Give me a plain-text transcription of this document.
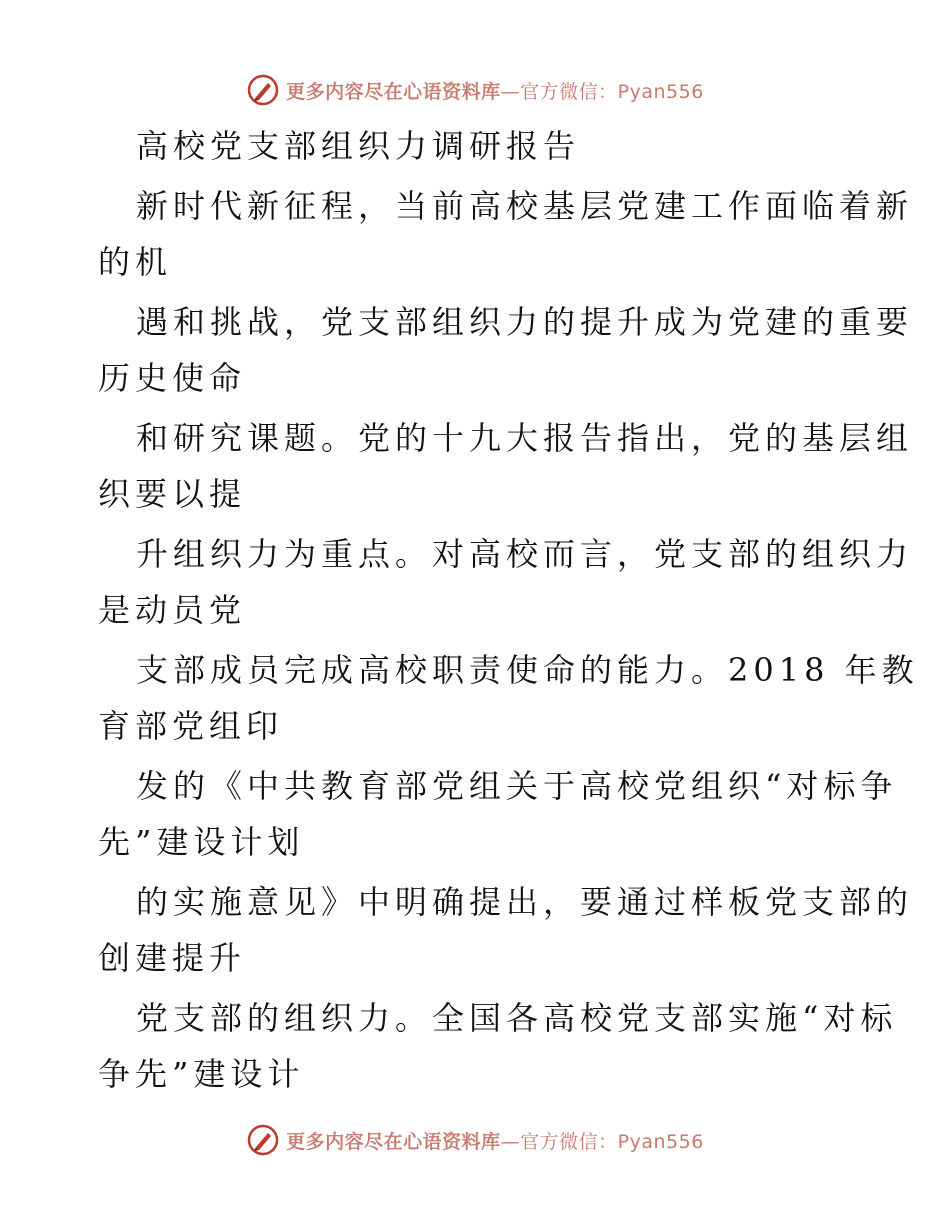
更多内容尽在心语资料库—官方微信：Pyan556
高校党支部组织力调研报告
新时代新征程，当前高校基层党建工作面临着新
的机
遇和挑战，党支部组织力的提升成为党建的重要
历史使命
和研究课题。党的十九大报告指出，党的基层组
织要以提
升组织力为重点。对高校而言，党支部的组织力
是动员党
支部成员完成高校职责使命的能力。2018 年教
育部党组印
发的《中共教育部党组关于高校党组织“对标争
先”建设计划
的实施意见》中明确提出，要通过样板党支部的
创建提升
党支部的组织力。全国各高校党支部实施“对标
争先”建设计
更多内容尽在心语资料库—官方微信：Pyan556
